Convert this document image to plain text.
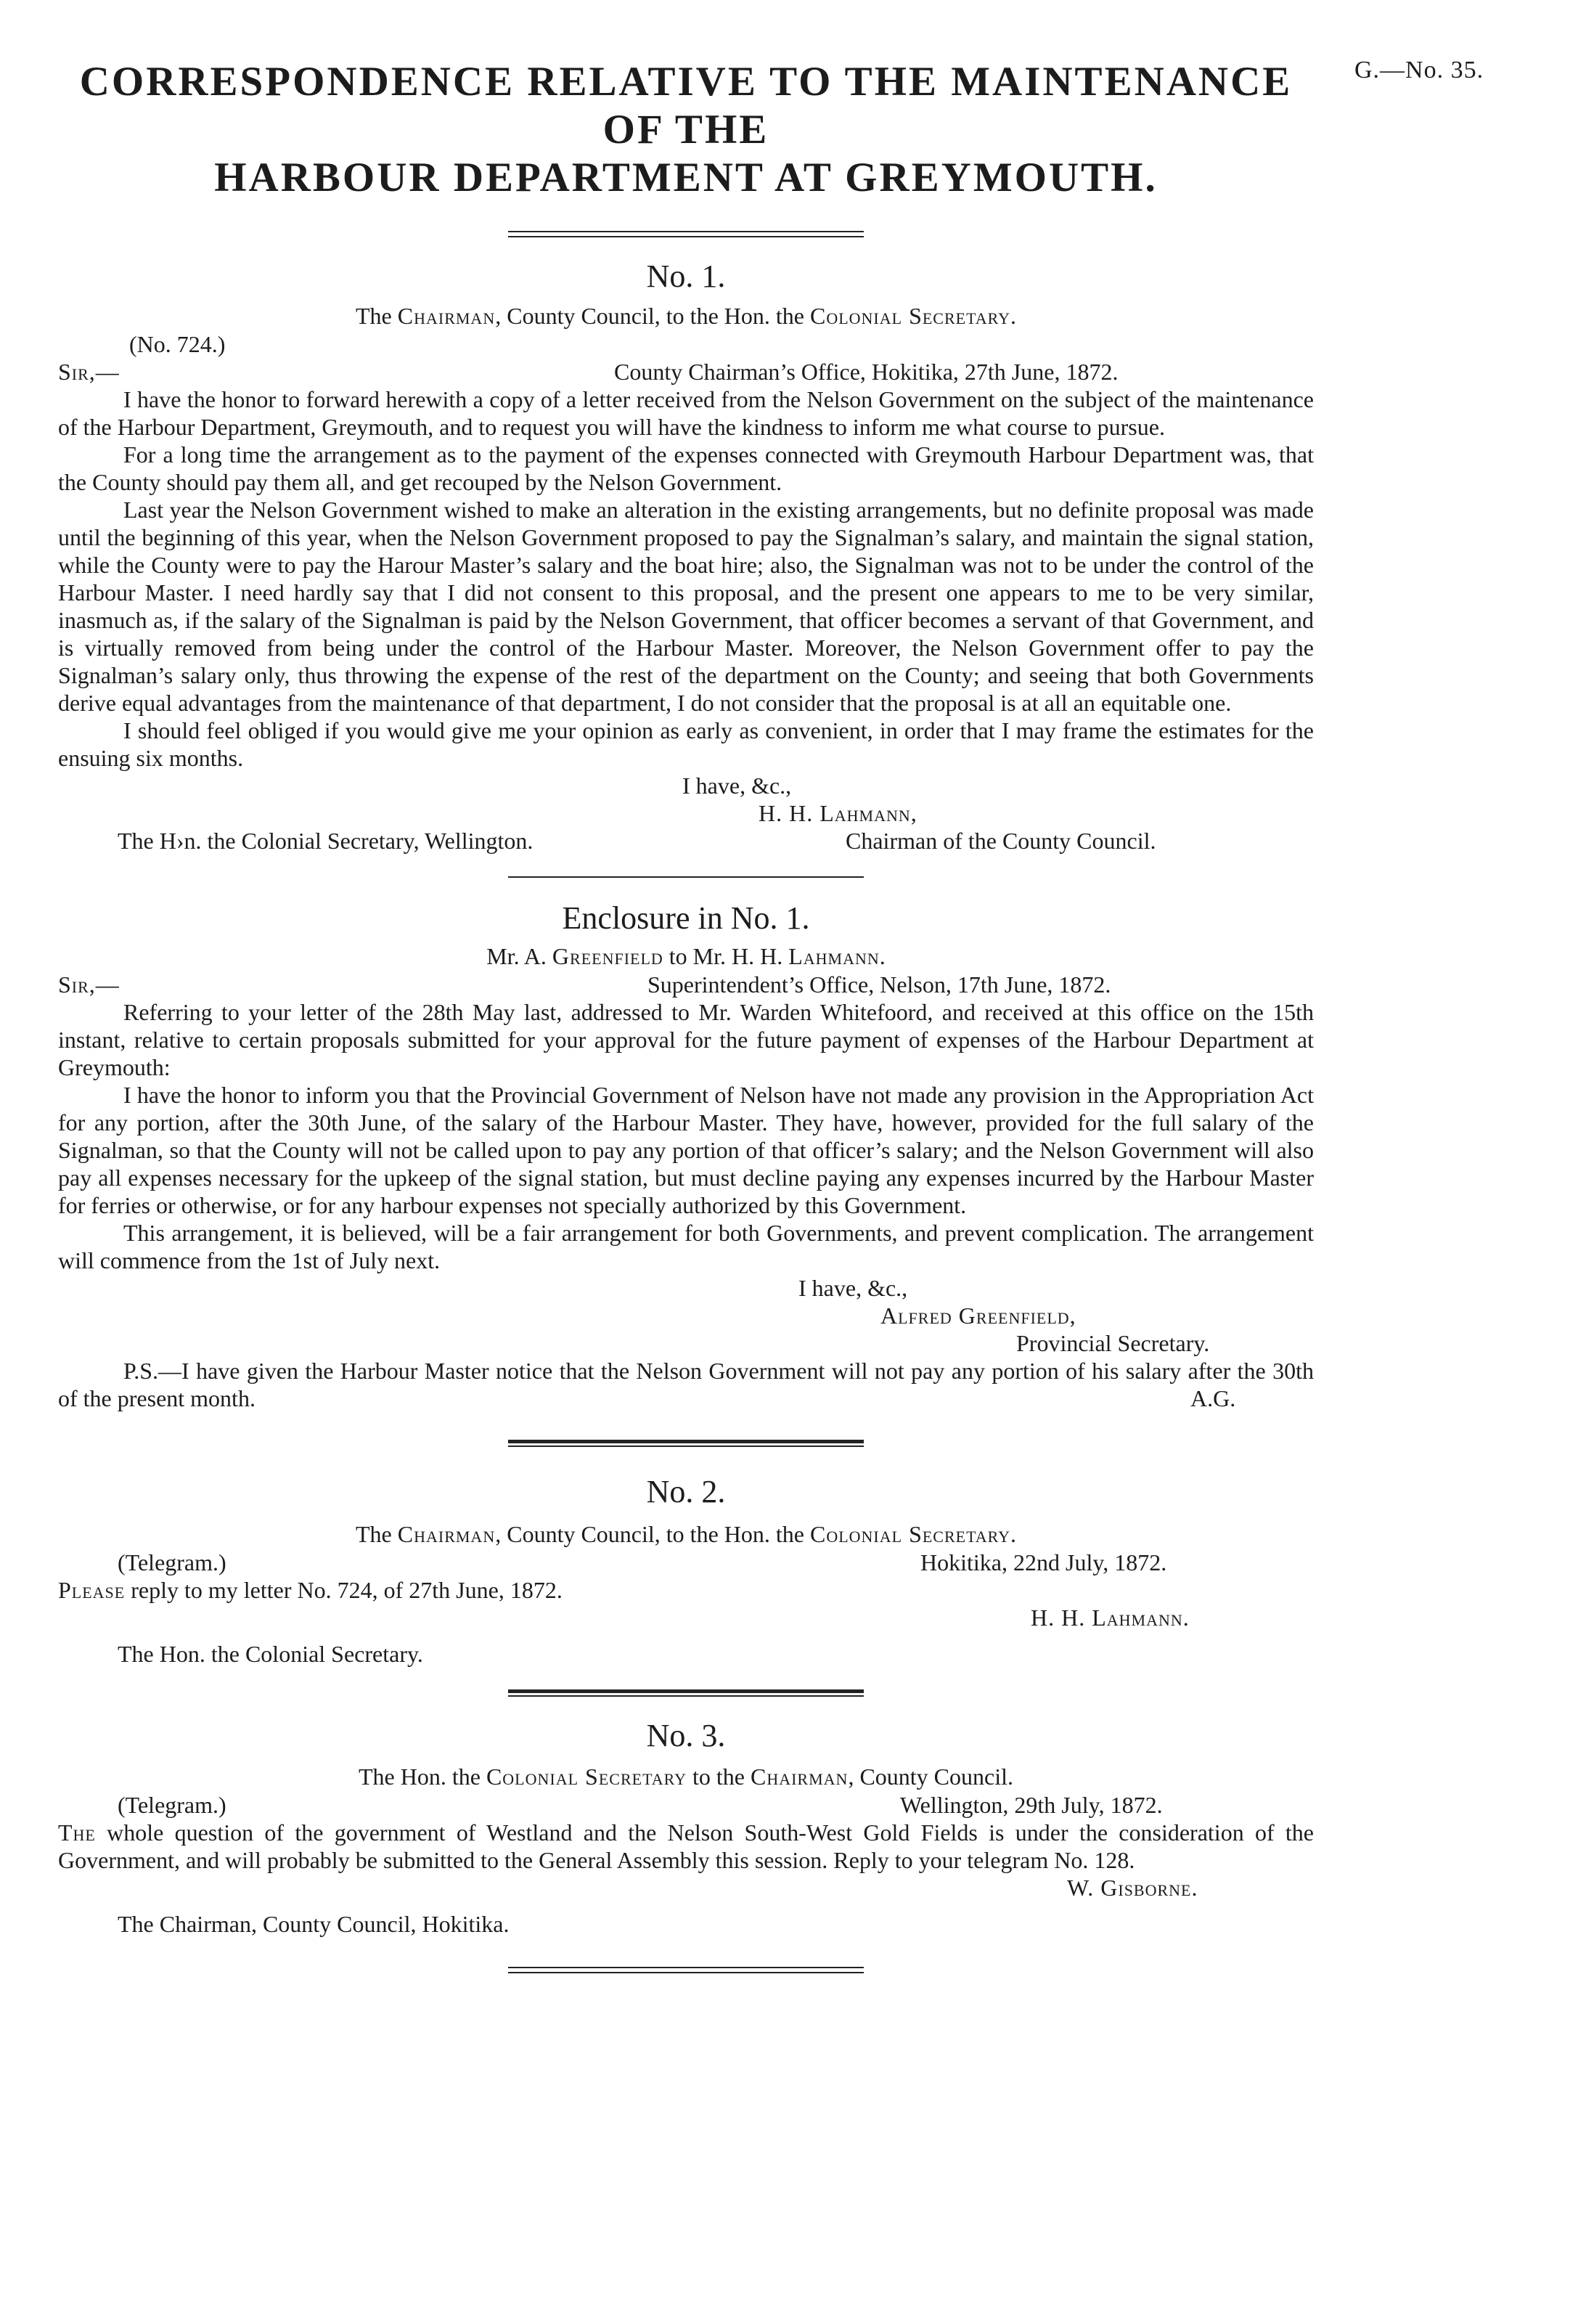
G.—No. 35.
CORRESPONDENCE RELATIVE TO THE MAINTENANCE OF THE
HARBOUR DEPARTMENT AT GREYMOUTH.
No. 1.
The Chairman, County Council, to the Hon. the Colonial Secretary.
(No. 724.)
Sir,—	County Chairman’s Office, Hokitika, 27th June, 1872.

I have the honor to forward herewith a copy of a letter received from the Nelson Government on the subject of the maintenance of the Harbour Department, Greymouth, and to request you will have the kindness to inform me what course to pursue.

For a long time the arrangement as to the payment of the expenses connected with Greymouth Harbour Department was, that the County should pay them all, and get recouped by the Nelson Government.

Last year the Nelson Government wished to make an alteration in the existing arrangements, but no definite proposal was made until the beginning of this year, when the Nelson Government proposed to pay the Signalman’s salary, and maintain the signal station, while the County were to pay the Harour Master’s salary and the boat hire; also, the Signalman was not to be under the control of the Harbour Master. I need hardly say that I did not consent to this proposal, and the present one appears to me to be very similar, inasmuch as, if the salary of the Signalman is paid by the Nelson Government, that officer becomes a servant of that Government, and is virtually removed from being under the control of the Harbour Master. Moreover, the Nelson Government offer to pay the Signalman’s salary only, thus throwing the expense of the rest of the department on the County; and seeing that both Governments derive equal advantages from the maintenance of that department, I do not consider that the proposal is at all an equitable one.

I should feel obliged if you would give me your opinion as early as convenient, in order that I may frame the estimates for the ensuing six months.

I have, &c.,
H. H. Lahmann,
The H›n. the Colonial Secretary, Wellington.	Chairman of the County Council.
Enclosure in No. 1.
Mr. A. Greenfield to Mr. H. H. Lahmann.
Sir,—	Superintendent’s Office, Nelson, 17th June, 1872.

Referring to your letter of the 28th May last, addressed to Mr. Warden Whitefoord, and received at this office on the 15th instant, relative to certain proposals submitted for your approval for the future payment of expenses of the Harbour Department at Greymouth:

I have the honor to inform you that the Provincial Government of Nelson have not made any provision in the Appropriation Act for any portion, after the 30th June, of the salary of the Harbour Master. They have, however, provided for the full salary of the Signalman, so that the County will not be called upon to pay any portion of that officer’s salary; and the Nelson Government will also pay all expenses necessary for the upkeep of the signal station, but must decline paying any expenses incurred by the Harbour Master for ferries or otherwise, or for any harbour expenses not specially authorized by this Government.

This arrangement, it is believed, will be a fair arrangement for both Governments, and prevent complication. The arrangement will commence from the 1st of July next.

I have, &c.,
Alfred Greenfield,
Provincial Secretary.

P.S.—I have given the Harbour Master notice that the Nelson Government will not pay any portion of his salary after the 30th of the present month.	A.G.
No. 2.
The Chairman, County Council, to the Hon. the Colonial Secretary.
(Telegram.)	Hokitika, 22nd July, 1872.

Please reply to my letter No. 724, of 27th June, 1872.

H. H. Lahmann.
The Hon. the Colonial Secretary.
No. 3.
The Hon. the Colonial Secretary to the Chairman, County Council.
(Telegram.)	Wellington, 29th July, 1872.

The whole question of the government of Westland and the Nelson South-West Gold Fields is under the consideration of the Government, and will probably be submitted to the General Assembly this session. Reply to your telegram No. 128.

W. Gisborne.
The Chairman, County Council, Hokitika.
